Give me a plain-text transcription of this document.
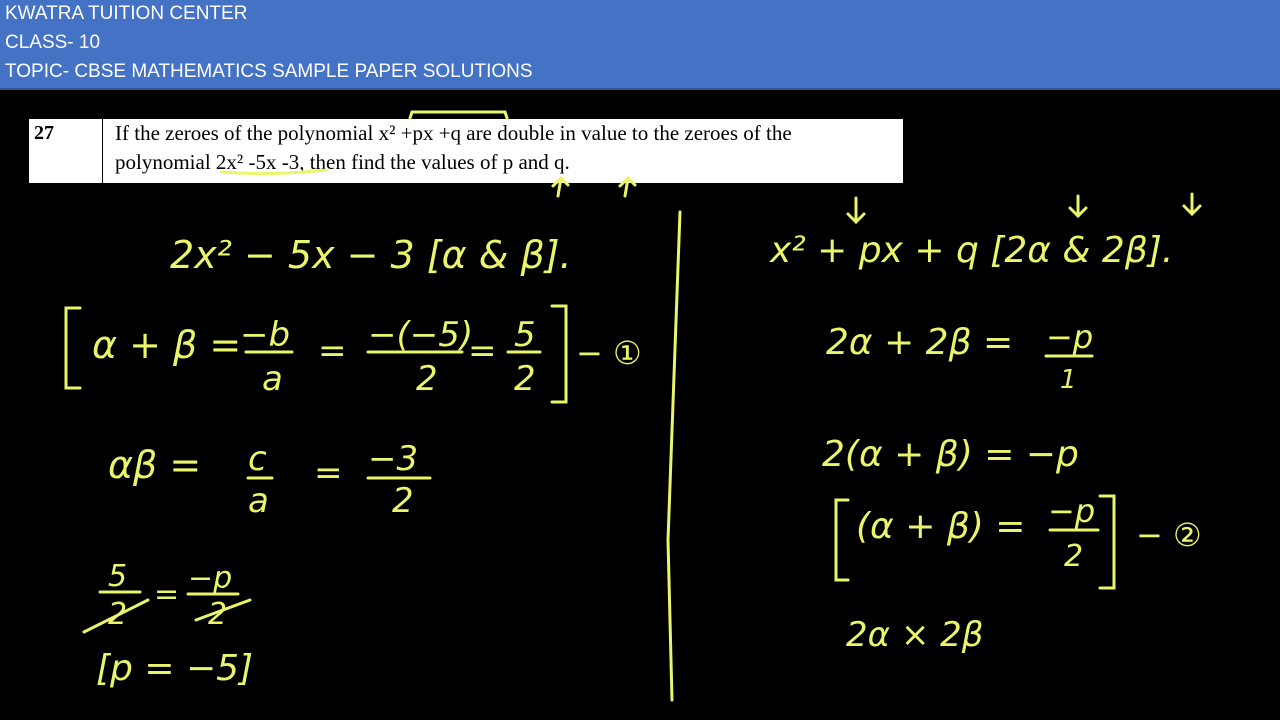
KWATRA TUITION CENTER
CLASS- 10
TOPIC- CBSE MATHEMATICS SAMPLE PAPER SOLUTIONS
27	If the zeroes of the polynomial x² +px +q are double in value to the zeroes of the
polynomial 2x² -5x -3, then find the values of p and q.
2x² − 5x − 3 [α & β].
α + β =
−b
a
= −(−5)
2
= 5
2
− ①
αβ = c
a
= −3
2
5
2
= −p
2
[p = −5]
x² + px + q [2α & 2β].
2α + 2β = −p
1
2(α + β) = −p
(α + β) = −p
2
− ②
2α × 2β
